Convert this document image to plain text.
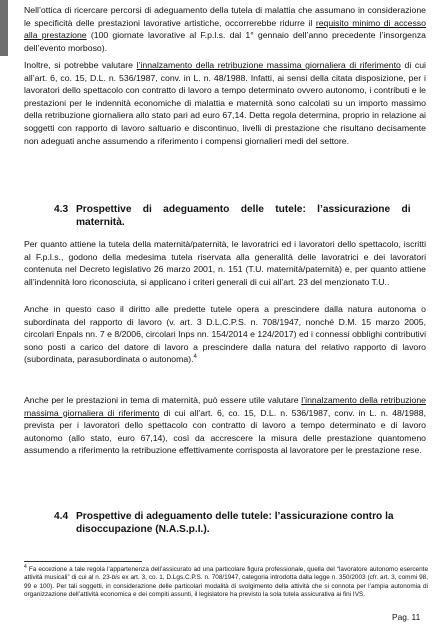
Nell’ottica di ricercare percorsi di adeguamento della tutela di malattia che assumano in considerazione le specificità delle prestazioni lavorative artistiche, occorrerebbe ridurre il requisito minimo di accesso alla prestazione (100 giornate lavorative al F.p.l.s. dal 1° gennaio dell’anno precedente l’insorgenza dell’evento morboso).

Inoltre, si potrebbe valutare l’innalzamento della retribuzione massima giornaliera di riferimento di cui all’art. 6, co. 15, D.L. n. 536/1987, conv. in L. n. 48/1988. Infatti, ai sensi della citata disposizione, per i lavoratori dello spettacolo con contratto di lavoro a tempo determinato ovvero autonomo, i contributi e le prestazioni per le indennità economiche di malattia e maternità sono calcolati su un importo massimo della retribuzione giornaliera allo stato pari ad euro 67,14. Detta regola determina, proprio in relazione ai soggetti con rapporto di lavoro saltuario e discontinuo, livelli di prestazione che risultano decisamente non adeguati anche assumendo a riferimento i compensi giornalieri medi del settore.

4.3 Prospettive    di    adeguamento    delle    tutele:    l’assicurazione    di
maternità.

Per quanto attiene la tutela della maternità/paternità, le lavoratrici ed i lavoratori dello spettacolo, iscritti al F.p.l.s., godono della medesima tutela riservata alla generalità delle lavoratrici e dei lavoratori contenuta nel Decreto legislativo 26 marzo 2001, n. 151 (T.U. maternità/paternità) e, per quanto attiene all’indennità loro riconosciuta, si applicano i criteri generali di cui all’art. 23 del menzionato T.U..

Anche in questo caso il diritto alle predette tutele opera a prescindere dalla natura autonoma o subordinata del rapporto di lavoro (v. art. 3 D.L.C.P.S. n. 708/1947, nonché D.M. 15 marzo 2005, circolari Enpals nn. 7 e 8/2006, circolari Inps nn. 154/2014 e 124/2017) ed i connessi obblighi contributivi sono posti a carico del datore di lavoro a prescindere dalla natura del relativo rapporto di lavoro (subordinata, parasubordinata o autonoma).$^4$

Anche per le prestazioni in tema di maternità, può essere utile valutare l’innalzamento della retribuzione massima giornaliera di riferimento di cui all’art. 6, co. 15, D.L. n. 536/1987, conv. in L. n. 48/1988, prevista per i lavoratori dello spettacolo con contratto di lavoro a tempo determinato e di lavoro autonomo (allo stato, euro 67,14), così da accrescere la misura delle prestazione quantomeno assumendo a riferimento la retribuzione effettivamente corrisposta al lavoratore per le prestazione rese.

4.4 Prospettive di adeguamento delle tutele: l’assicurazione contro la
disoccupazione (N.A.S.p.I.).

$^4$ Fa eccezione a tale regola l’appartenenza dell’assicurato ad una particolare figura professionale, quella del “lavoratore autonomo esercente attività musicali” di cui al n. 23-bis ex art. 3, co. 1, D.Lgs.C.P.S. n. 708/1947, categoria introdotta dalla legge n. 350/2003 (cfr. art. 3, commi 98, 99 e 100). Per tali soggetti, in considerazione delle particolari modalità di svolgimento della attività che si connota per l’ampia autonomia di organizzazione dell’attività economica e dei compiti assunti, il legislatore ha previsto la sola tutela assicurativa ai fini IVS.

Pag. 11
